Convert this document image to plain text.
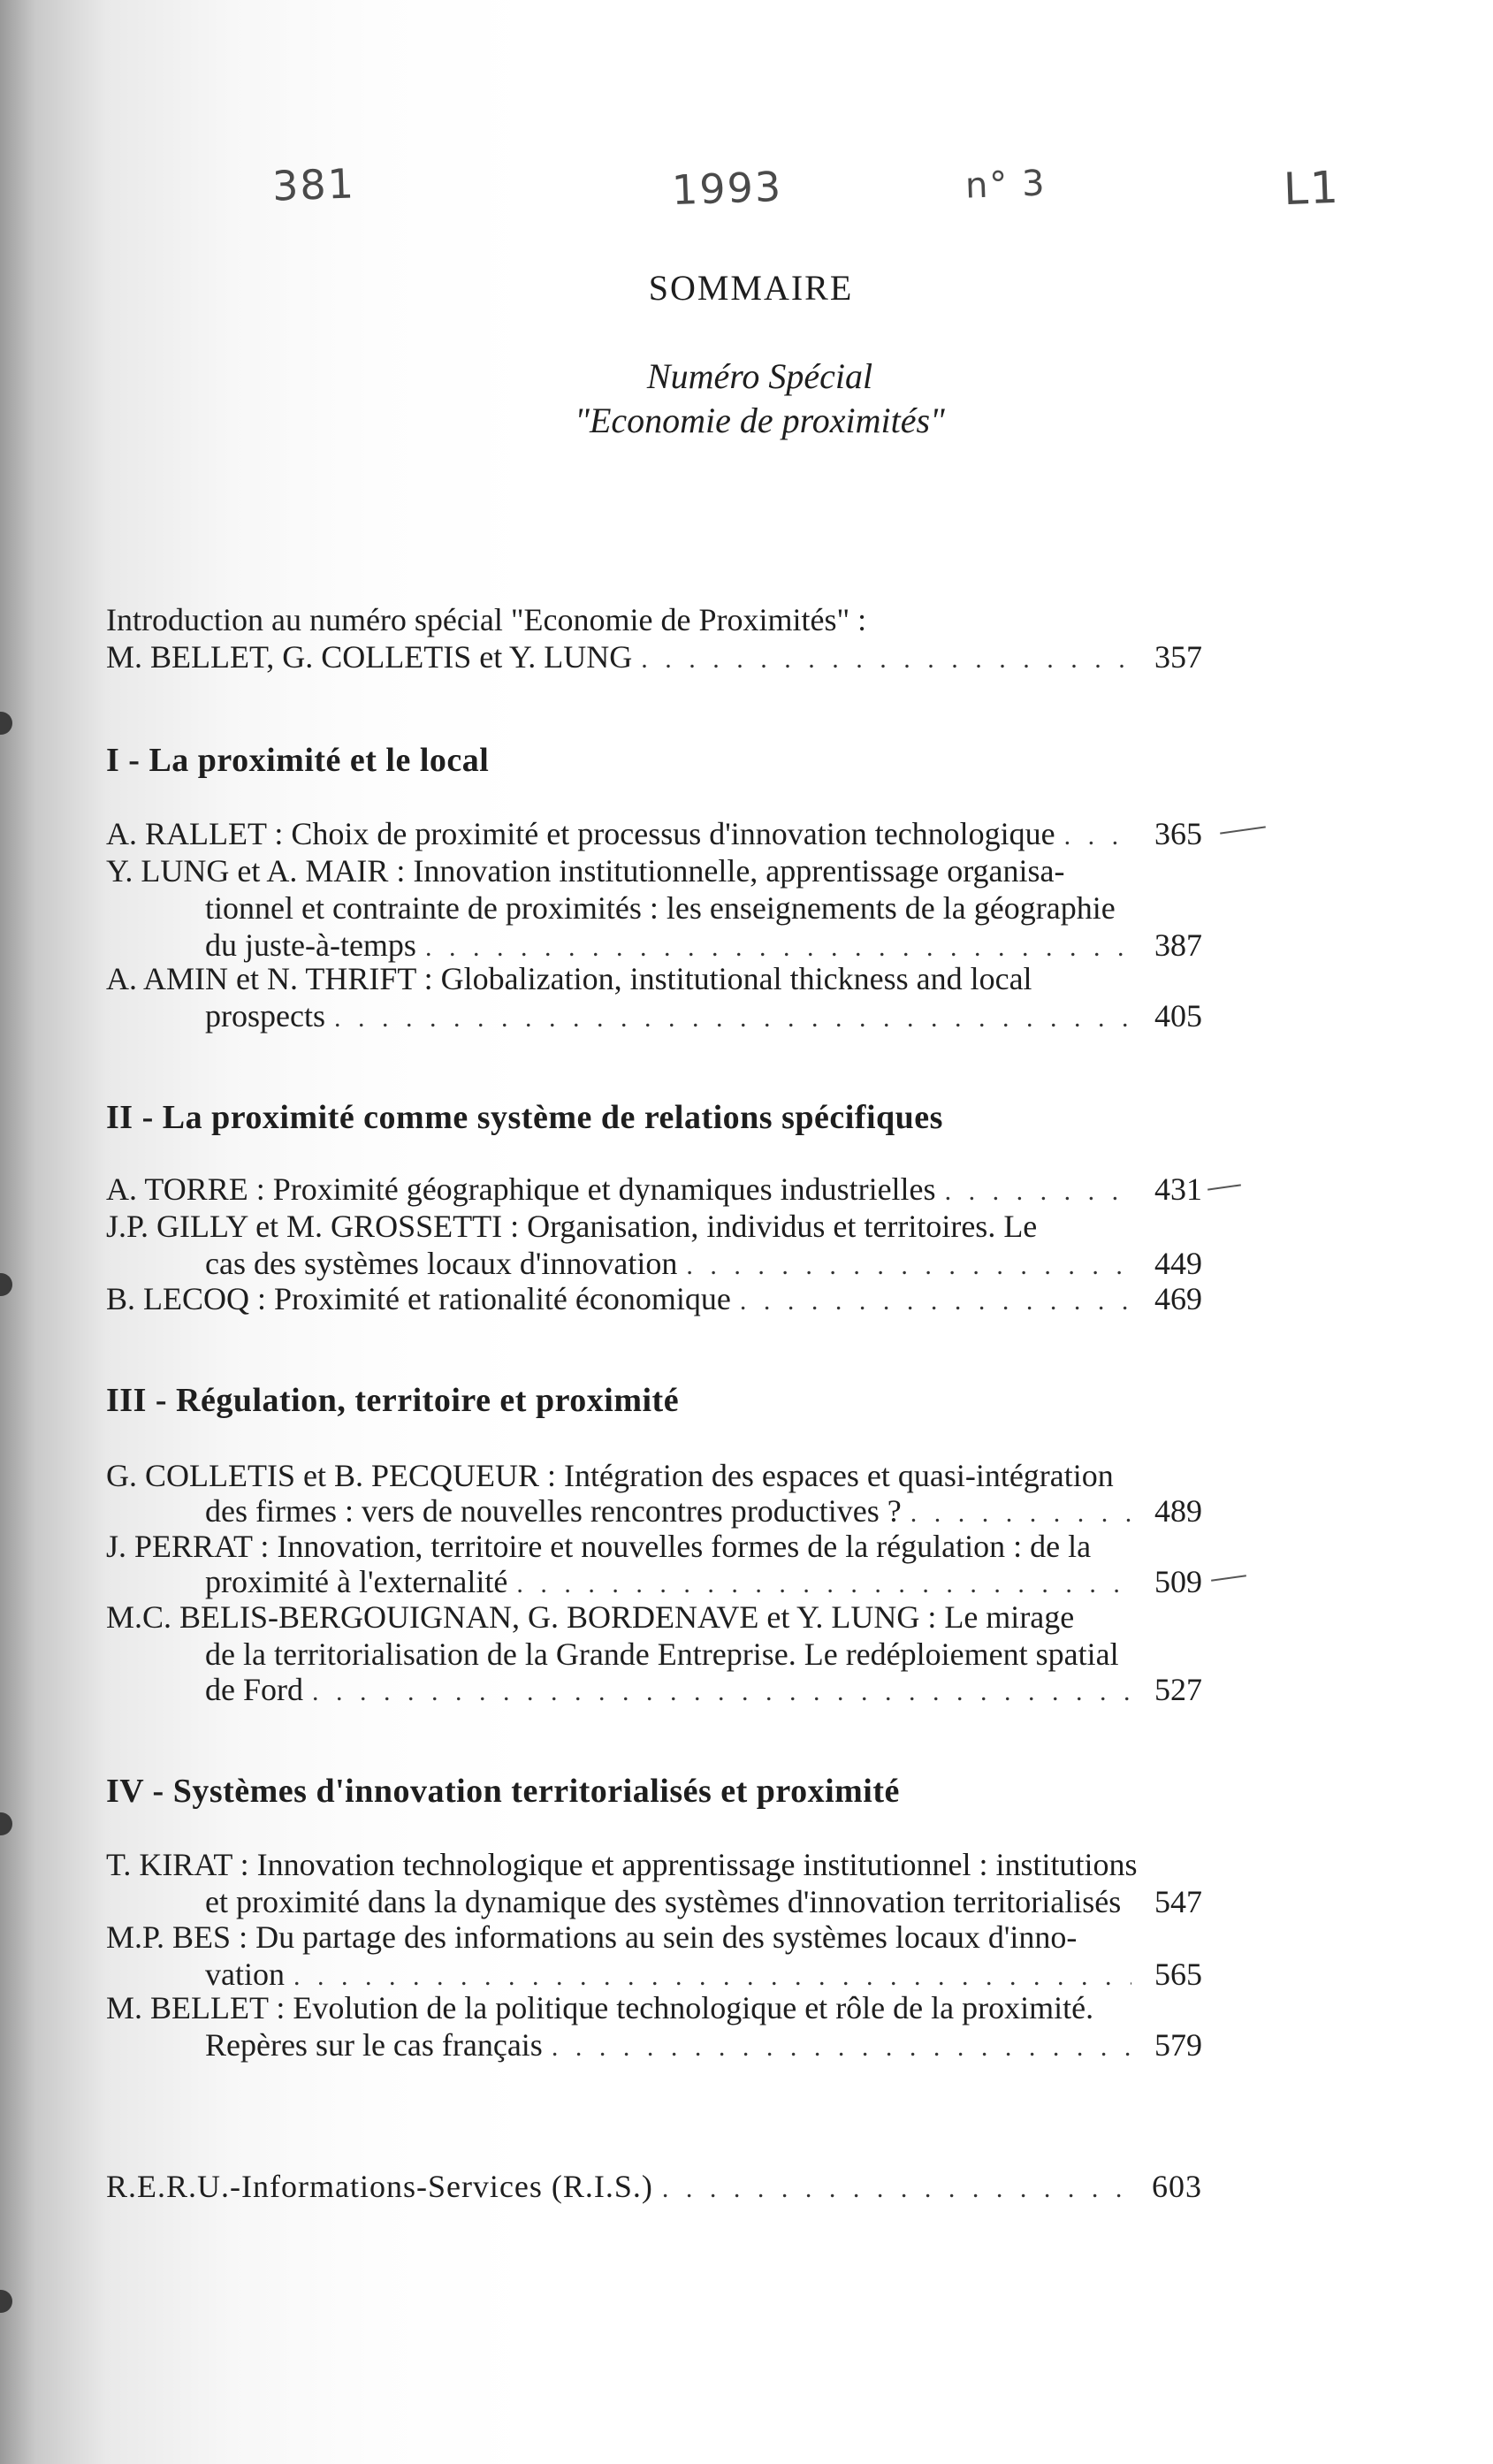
381	1993	n° 3	L1
SOMMAIRE
Numéro Spécial
"Economie de proximités"
Introduction au numéro spécial "Economie de Proximités" :
M. BELLET, G. COLLETIS et Y. LUNG . . .	357
I - La proximité et le local
A. RALLET : Choix de proximité et processus d'innovation technologique . . .	365
Y. LUNG et A. MAIR : Innovation institutionnelle, apprentissage organisa-
tionnel et contrainte de proximités : les enseignements de la géographie
du juste-à-temps . . .	387
A. AMIN et N. THRIFT : Globalization, institutional thickness and local
prospects . . .	405
II - La proximité comme système de relations spécifiques
A. TORRE : Proximité géographique et dynamiques industrielles . . .	431
J.P. GILLY et M. GROSSETTI : Organisation, individus et territoires. Le
cas des systèmes locaux d'innovation . . .	449
B. LECOQ : Proximité et rationalité économique . . .	469
III - Régulation, territoire et proximité
G. COLLETIS et B. PECQUEUR : Intégration des espaces et quasi-intégration
des firmes : vers de nouvelles rencontres productives ? . . .	489
J. PERRAT : Innovation, territoire et nouvelles formes de la régulation : de la
proximité à l'externalité . . .	509
M.C. BELIS-BERGOUIGNAN, G. BORDENAVE et Y. LUNG : Le mirage
de la territorialisation de la Grande Entreprise. Le redéploiement spatial
de Ford . . .	527
IV - Systèmes d'innovation territorialisés et proximité
T. KIRAT : Innovation technologique et apprentissage institutionnel : institutions
et proximité dans la dynamique des systèmes d'innovation territorialisés	547
M.P. BES : Du partage des informations au sein des systèmes locaux d'inno-
vation . . .	565
M. BELLET : Evolution de la politique technologique et rôle de la proximité.
Repères sur le cas français . . .	579
R.E.R.U.-Informations-Services (R.I.S.) . . .	603
